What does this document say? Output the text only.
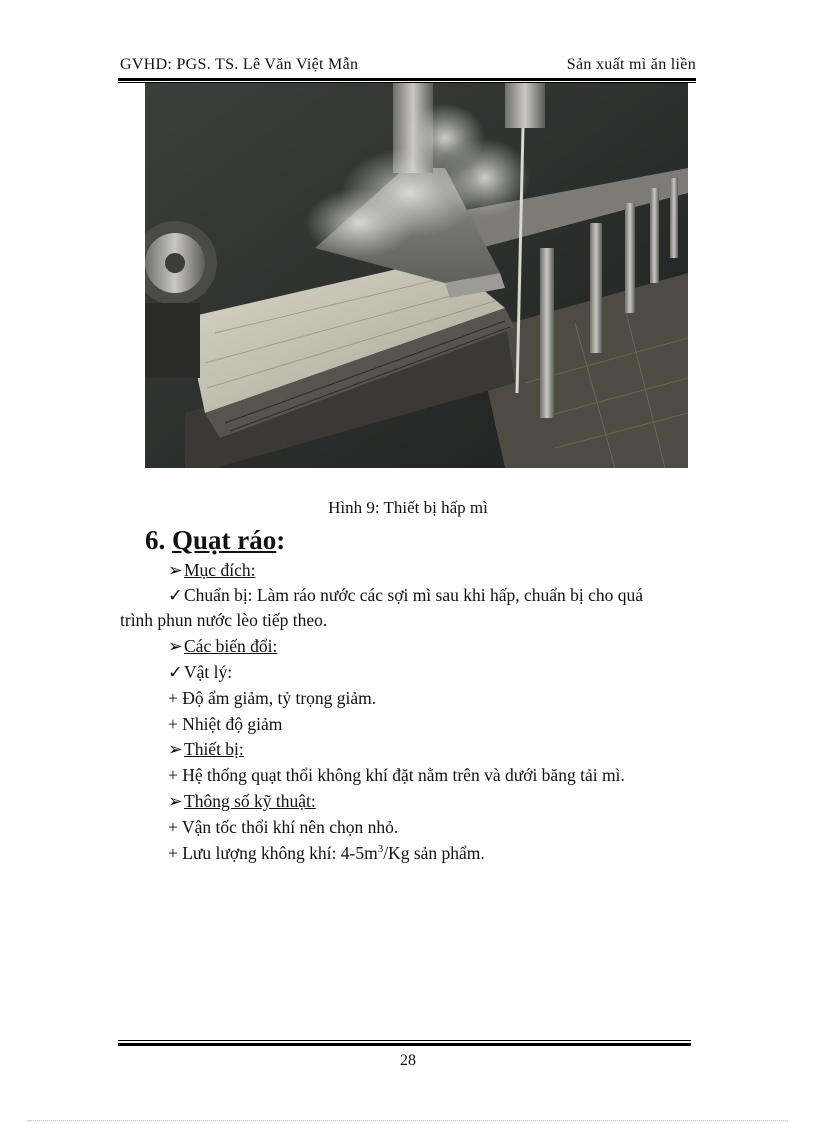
GVHD: PGS. TS. Lê Văn Việt Mẫn	Sản xuất mì ăn liền
Hình 9: Thiết bị hấp mì
6. Quạt ráo:
➢Mục đích:
✓Chuẩn bị: Làm ráo nước các sợi mì sau khi hấp, chuẩn bị cho quá
trình phun nước lèo tiếp theo.
➢Các biến đổi:
✓Vật lý:
+ Độ ẩm giảm, tỷ trọng giảm.
+ Nhiệt độ giảm
➢Thiết bị:
+ Hệ thống quạt thổi không khí đặt nằm trên và dưới băng tải mì.
➢Thông số kỹ thuật:
+ Vận tốc thổi khí nên chọn nhỏ.
+ Lưu lượng không khí: $4-5m^3/Kg$ sản phẩm.
28
